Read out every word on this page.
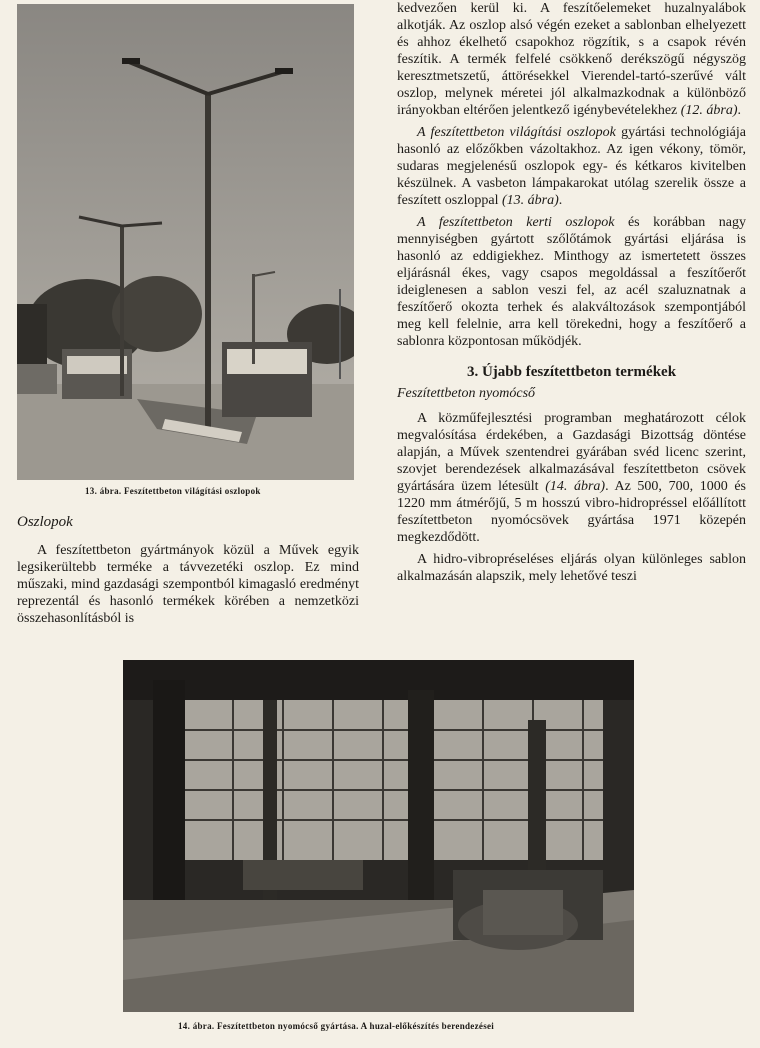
13. ábra. Feszítettbeton világítási oszlopok
Oszlopok

A feszítettbeton gyártmányok közül a Művek egyik legsikerültebb terméke a távvezetéki oszlop. Ez mind műszaki, mind gazdasági szempontból kimagasló eredményt reprezentál és hasonló termékek körében a nemzetközi összehasonlításból is

kedvezően kerül ki. A feszítőelemeket huzalnyalábok alkotják. Az oszlop alsó végén ezeket a sablonban elhelyezett és ahhoz ékelhető csapokhoz rögzítik, s a csapok révén feszítik. A termék felfelé csökkenő derékszögű négyszög keresztmetszetű, áttörésekkel Vierendel-tartó-szerűvé vált oszlop, melynek méretei jól alkalmazkodnak a különböző irányokban eltérően jelentkező igénybevételekhez (12. ábra).

A feszítettbeton világítási oszlopok gyártási technológiája hasonló az előzőkben vázoltakhoz. Az igen vékony, tömör, sudaras megjelenésű oszlopok egy- és kétkaros kivitelben készülnek. A vasbeton lámpakarokat utólag szerelik össze a feszített oszloppal (13. ábra).

A feszítettbeton kerti oszlopok és korábban nagy mennyiségben gyártott szőlőtámok gyártási eljárása is hasonló az eddigiekhez. Minthogy az ismertetett összes eljárásnál ékes, vagy csapos megoldással a feszítőerőt ideiglenesen a sablon veszi fel, az acél szaluznatnak a feszítőerő okozta terhek és alakváltozások szempontjából meg kell felelnie, arra kell törekedni, hogy a feszítőerő a sablonra központosan működjék.

3. Újabb feszítettbeton termékek
Feszítettbeton nyomócső

A közműfejlesztési programban meghatározott célok megvalósítása érdekében, a Gazdasági Bizottság döntése alapján, a Művek szentendrei gyárában svéd licenc szerint, szovjet berendezések alkalmazásával feszítettbeton csövek gyártására üzem létesült (14. ábra). Az 500, 700, 1000 és 1220 mm átmérőjű, 5 m hosszú vibro-hidropréssel előállított feszítettbeton nyomócsövek gyártása 1971 közepén megkezdődött.

A hidro-vibropréseléses eljárás olyan különleges sablon alkalmazásán alapszik, mely lehetővé teszi

14. ábra. Feszítettbeton nyomócső gyártása. A huzal-előkészítés berendezései
